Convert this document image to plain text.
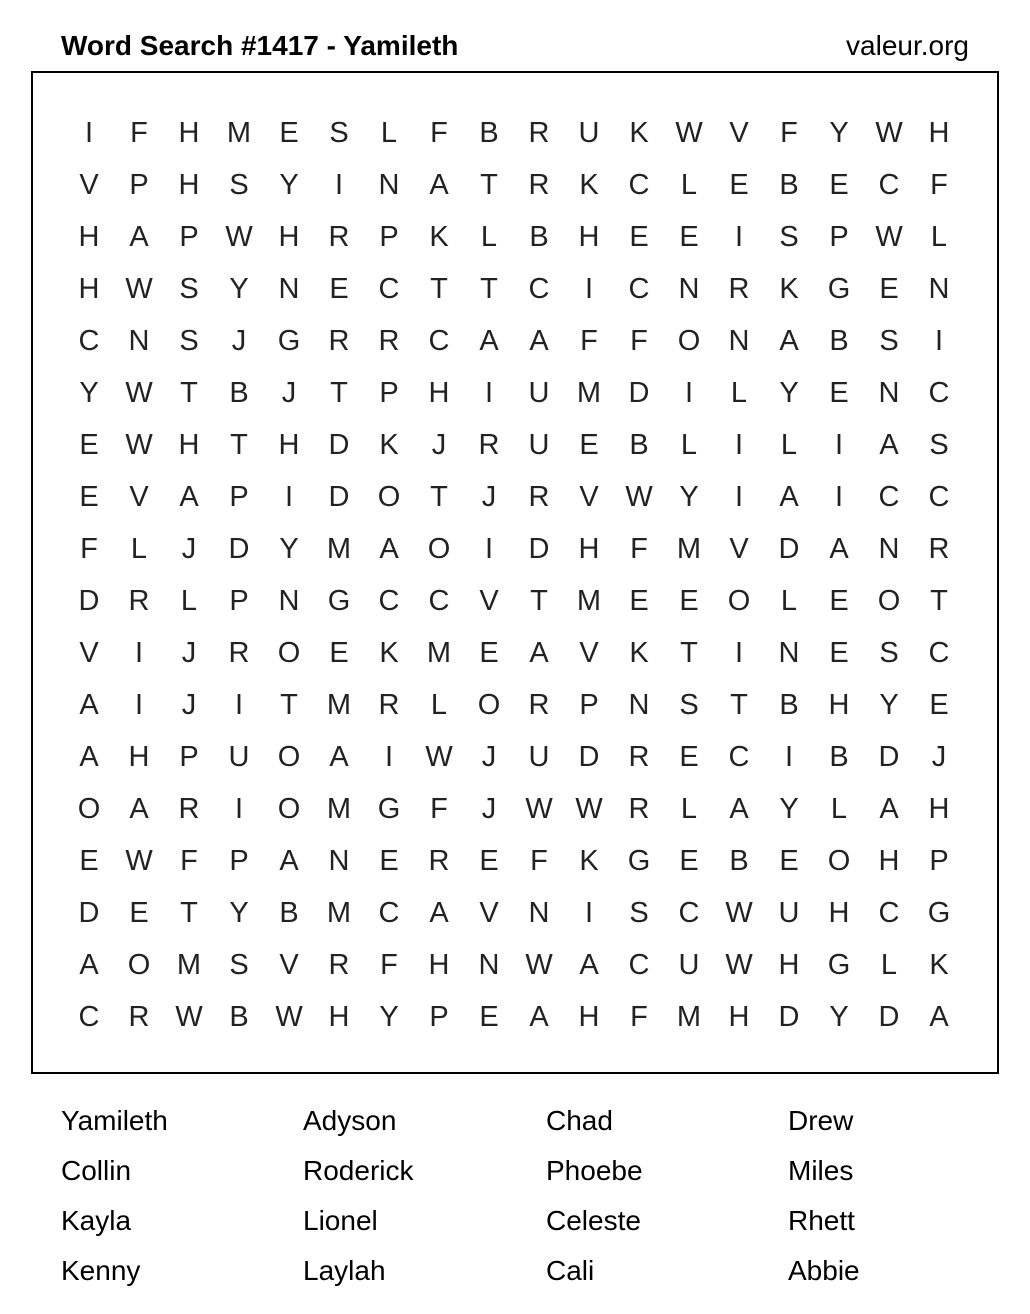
Word Search #1417 - Yamileth	valeur.org
I	F	H M E	S	L	F	B	R	U	K W V	F	Y W H
V	P	H	S	Y	I	N	A	T	R	K	C	L	E	B	E	C	F
H	A	P W H	R	P	K	L	B	H	E	E	I	S	P W L
H W S	Y	N	E	C	T	T	C	I	C	N	R	K	G	E	N
C	N	S	J	G R	R	C	A	A	F	F	O N	A	B	S	I
Y W T	B	J	T	P	H	I	U M D	I	L	Y	E	N	C
E W H	T	H	D	K	J	R	U	E	B	L	I	L	I	A	S
E	V	A	P	I	D O	T	J	R	V W Y	I	A	I	C	C
F	L	J	D	Y M A	O	I	D	H	F	M V	D	A	N	R
D	R	L	P	N G C	C	V	T	M E	E	O	L	E	O	T
V	I	J	R O	E	K M E	A	V	K	T	I	N	E	S	C
A	I	J	I	T	M R	L	O R	P	N	S	T	B	H	Y	E
A	H	P	U O	A	I	W	J	U	D	R	E	C	I	B	D	J
O	A	R	I	O M G	F	J	W W R	L	A	Y	L	A	H
E W F	P	A	N	E	R	E	F	K	G	E	B	E	O H	P
D	E	T	Y	B M C	A	V	N	I	S	C W U	H	C G
A	O M S	V	R	F	H	N W A	C	U W H G	L	K
C	R W B W H	Y	P	E	A	H	F	M H	D	Y	D	A
Yamileth	Adyson	Chad	Drew
Collin	Roderick	Phoebe	Miles
Kayla	Lionel	Celeste	Rhett
Kenny	Laylah	Cali	Abbie
